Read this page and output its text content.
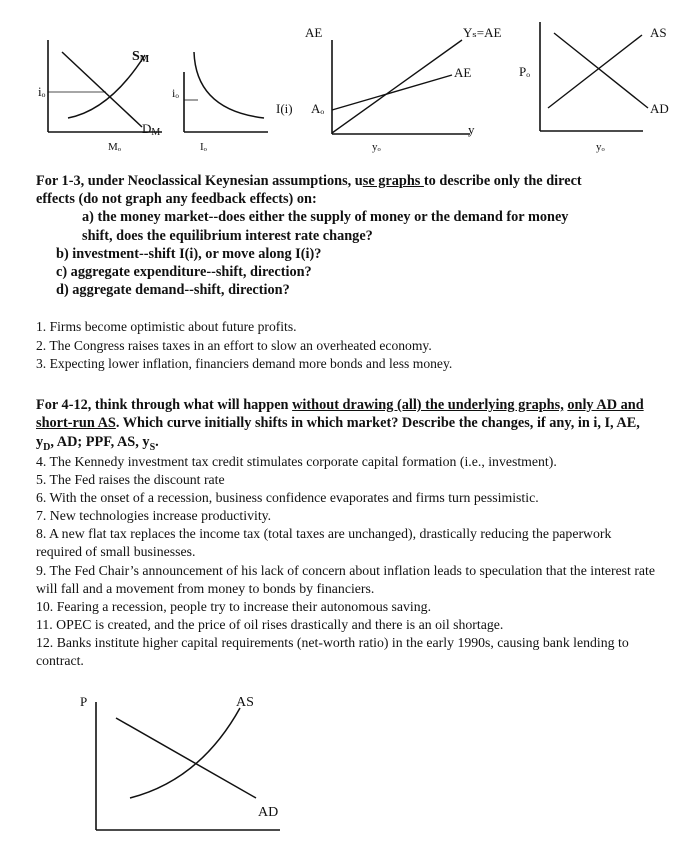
iₒ
SM
DM
Mₒ
iₒ
Iₒ
AE
I(i) Aₒ
Yₛ=AE
AE
y
yₒ
Pₒ
AS
AD
yₒ
For 1-3, under Neoclassical Keynesian assumptions, use graphs to describe only the direct
effects (do not graph any feedback effects) on:
a) the money market--does either the supply of money or the demand for money
shift, does the equilibrium interest rate change?
b) investment--shift I(i), or move along I(i)?
c) aggregate expenditure--shift, direction?
d) aggregate demand--shift, direction?
1. Firms become optimistic about future profits.
2. The Congress raises taxes in an effort to slow an overheated economy.
3. Expecting lower inflation, financiers demand more bonds and less money.
For 4-12, think through what will happen without drawing (all) the underlying graphs, only AD and short-run AS. Which curve initially shifts in which market? Describe the changes, if any, in i, I, AE, $y_D$, AD; PPF, AS, $y_S$.
4. The Kennedy investment tax credit stimulates corporate capital formation (i.e., investment).
5. The Fed raises the discount rate
6. With the onset of a recession, business confidence evaporates and firms turn pessimistic.
7. New technologies increase productivity.
8. A new flat tax replaces the income tax (total taxes are unchanged), drastically reducing the paperwork required of small businesses.
9. The Fed Chair’s announcement of his lack of concern about inflation leads to speculation that the interest rate will fall and a movement from money to bonds by financiers.
10. Fearing a recession, people try to increase their autonomous saving.
11. OPEC is created, and the price of oil rises drastically and there is an oil shortage.
12. Banks institute higher capital requirements (net-worth ratio) in the early 1990s, causing bank lending to contract.
P	AS
AD
